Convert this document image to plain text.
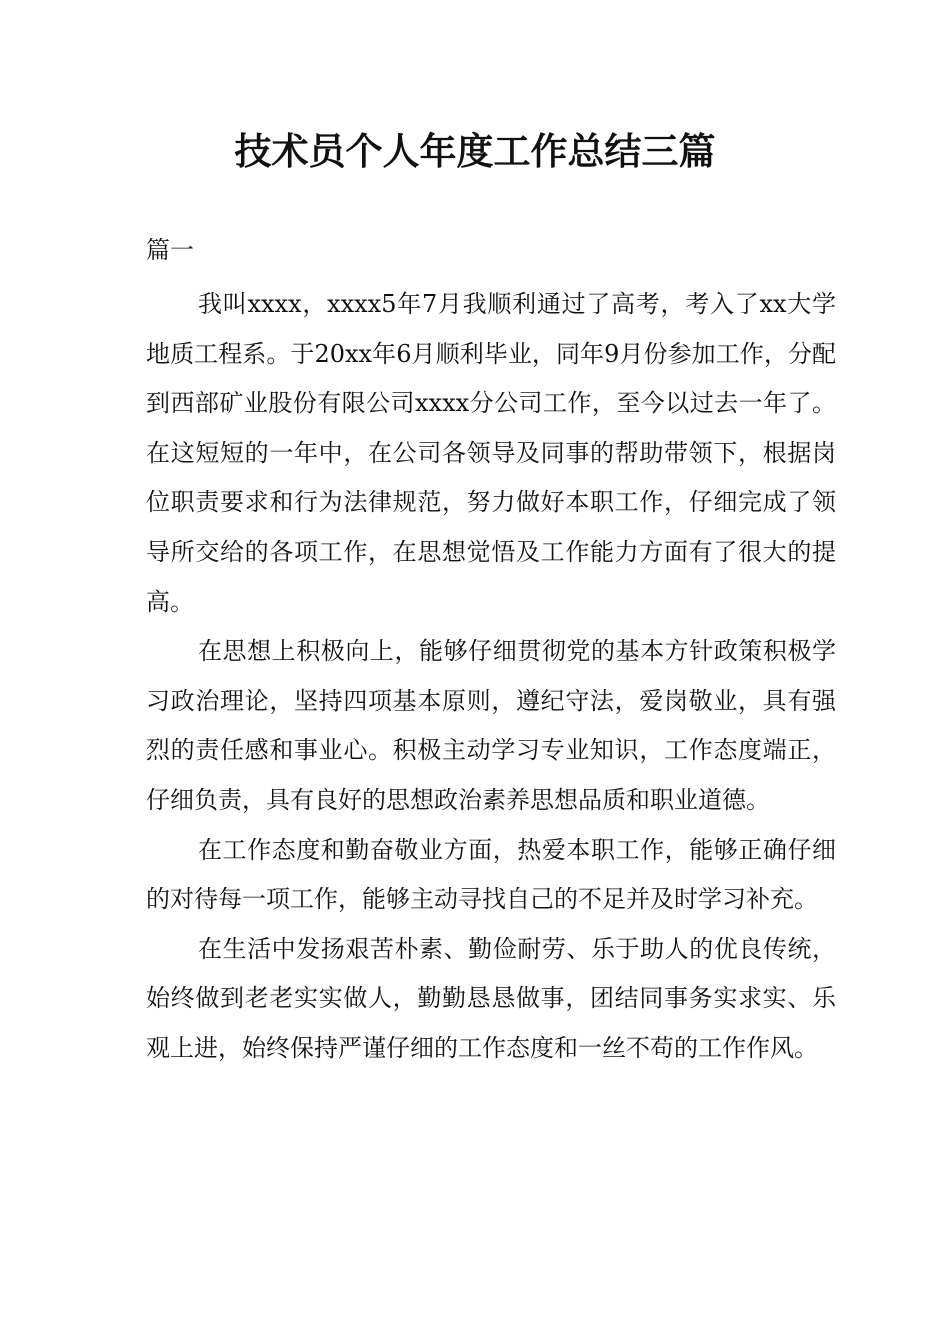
技术员个人年度工作总结三篇
篇一

我叫xxxx，xxxx5年7月我顺利通过了高考，考入了xx大学地质工程系。于20xx年6月顺利毕业，同年9月份参加工作，分配到西部矿业股份有限公司xxxx分公司工作，至今以过去一年了。在这短短的一年中，在公司各领导及同事的帮助带领下，根据岗位职责要求和行为法律规范，努力做好本职工作，仔细完成了领导所交给的各项工作，在思想觉悟及工作能力方面有了很大的提高。

在思想上积极向上，能够仔细贯彻党的基本方针政策积极学习政治理论，坚持四项基本原则，遵纪守法，爱岗敬业，具有强烈的责任感和事业心。积极主动学习专业知识，工作态度端正，仔细负责，具有良好的思想政治素养思想品质和职业道德。

在工作态度和勤奋敬业方面，热爱本职工作，能够正确仔细的对待每一项工作，能够主动寻找自己的不足并及时学习补充。

在生活中发扬艰苦朴素、勤俭耐劳、乐于助人的优良传统，始终做到老老实实做人，勤勤恳恳做事，团结同事务实求实、乐观上进，始终保持严谨仔细的工作态度和一丝不苟的工作作风。
